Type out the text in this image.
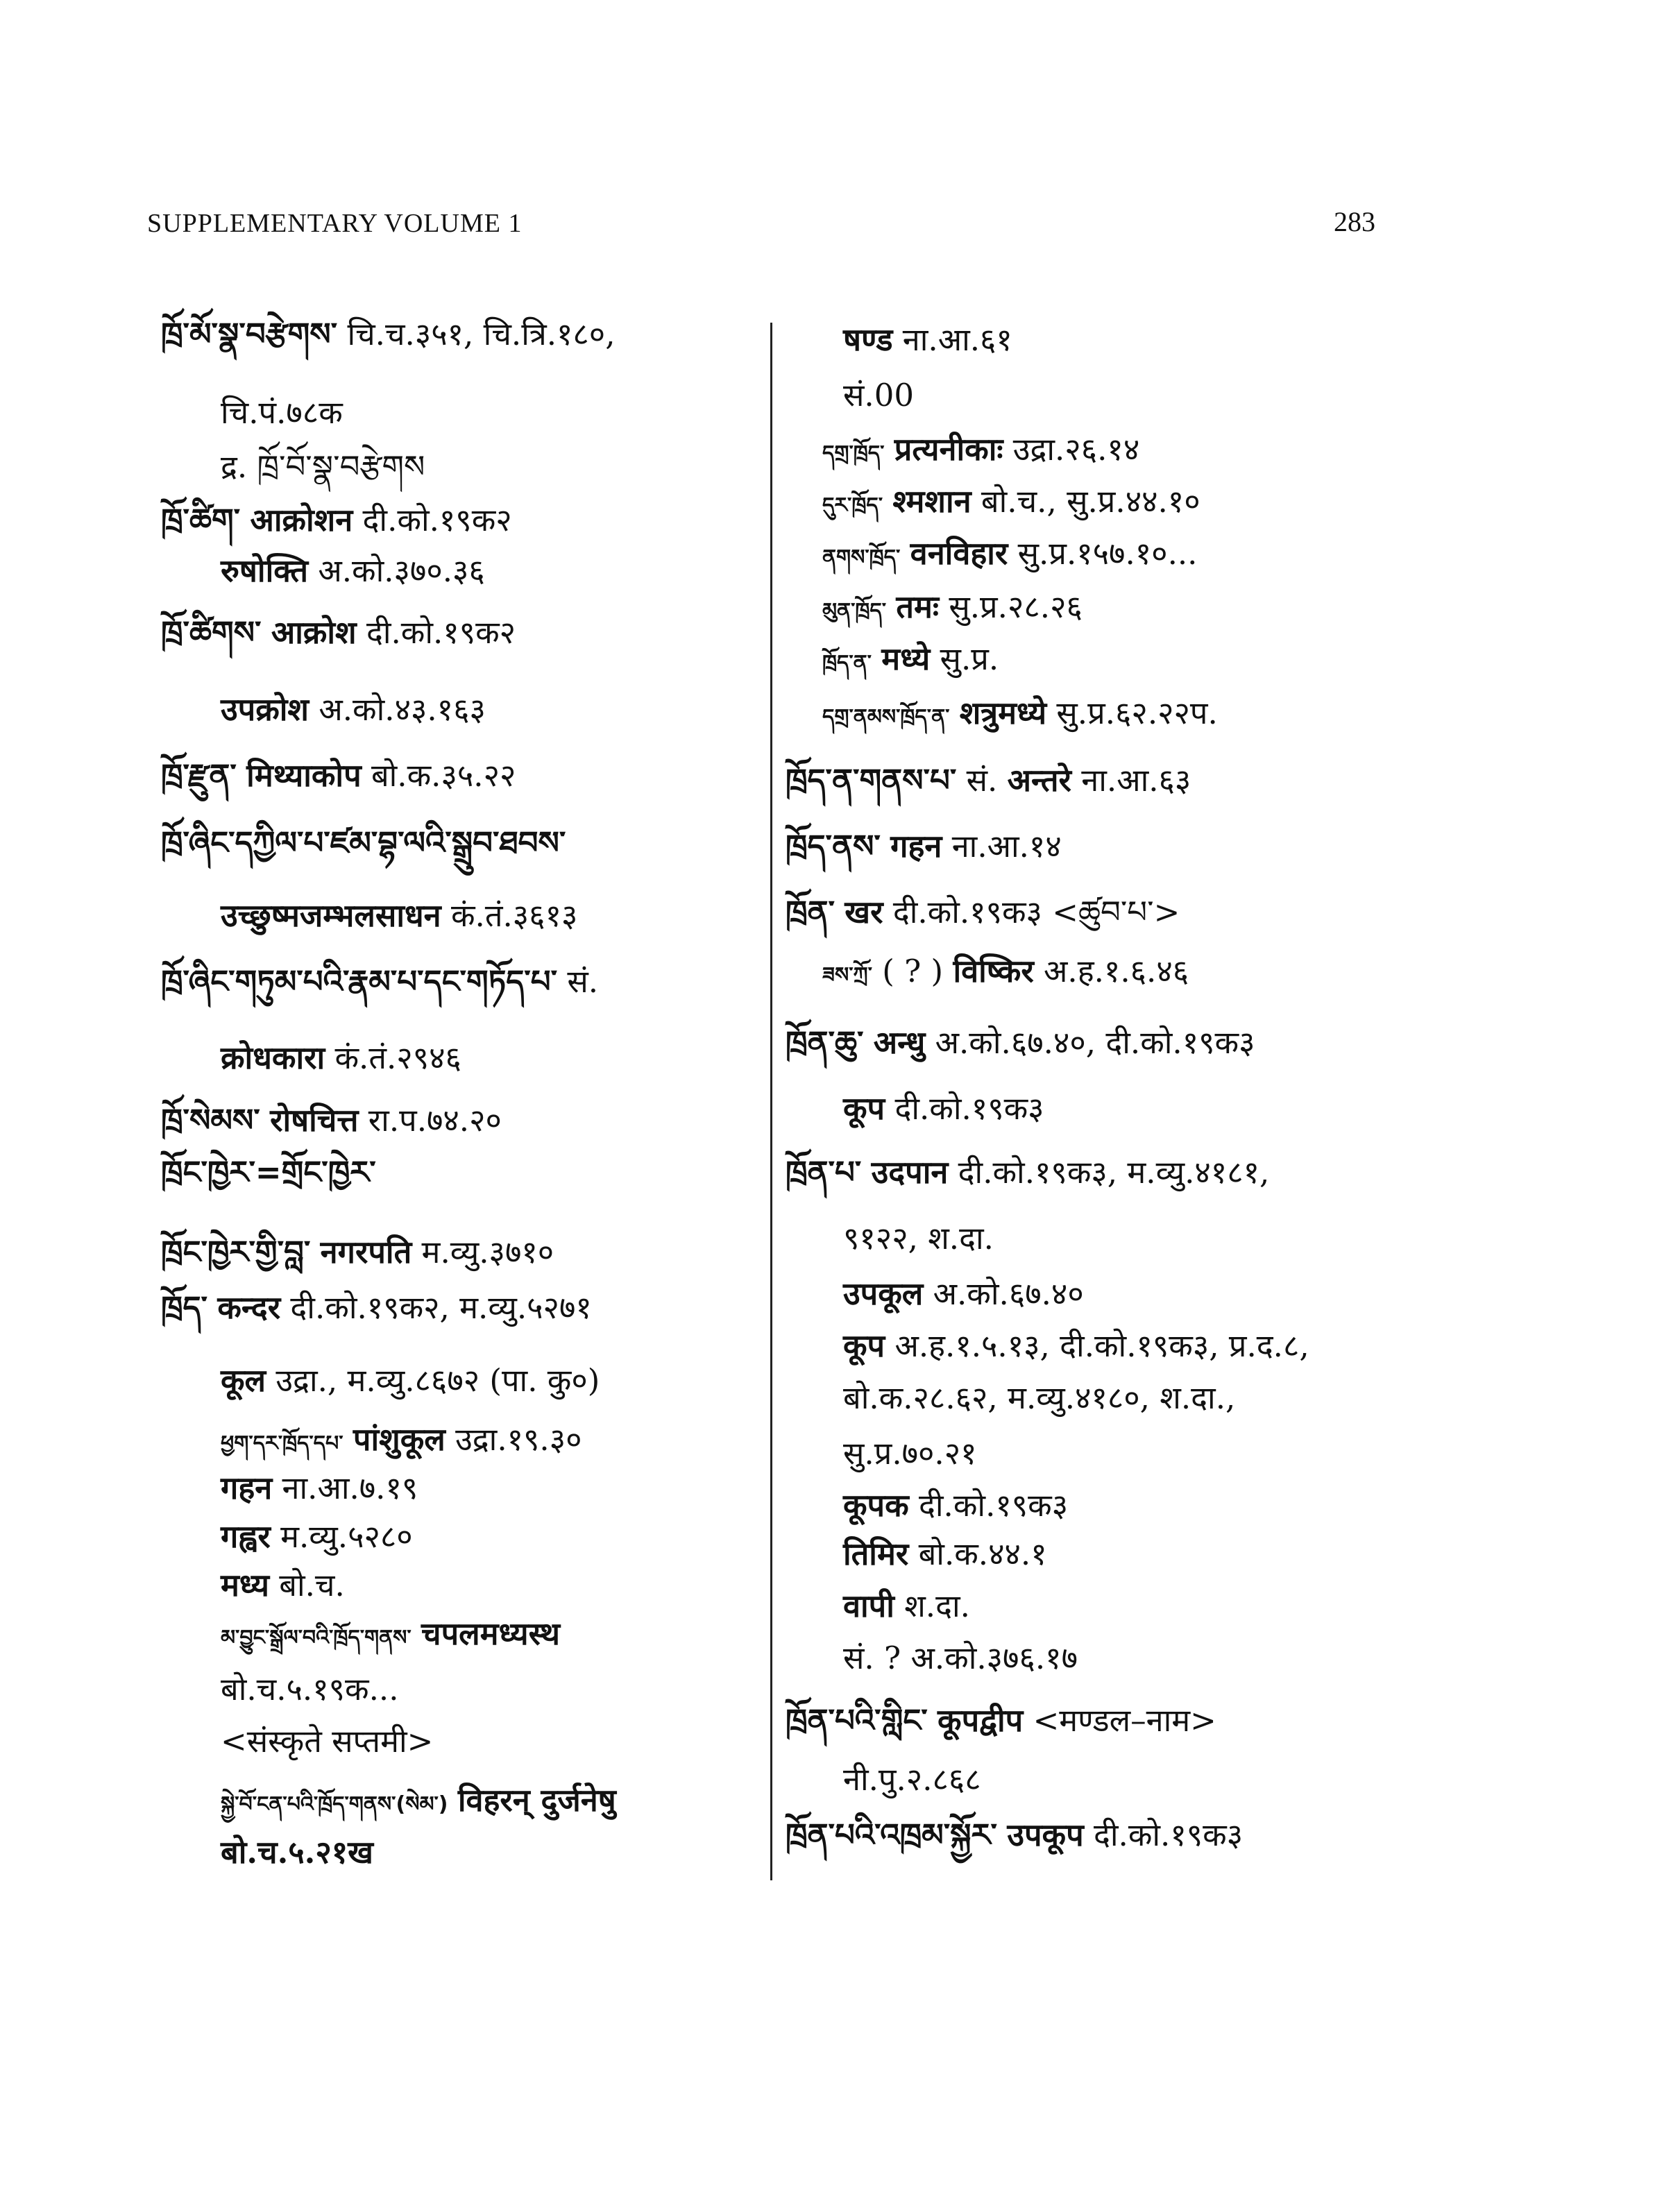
SUPPLEMENTARY VOLUME 1	283
ཁྲོ་མོ་སྣ་བརྩེགས་ चि.च.३५१, चि.त्रि.१८०,
चि.पं.७८क
द्र. ཁྲོ་བོ་སྣ་བརྩེགས
ཁྲོ་ཚིག་ आक्रोशन दी.को.१९क२
रुषोक्ति अ.को.३७०.३६
ཁྲོ་ཚིགས་ आक्रोश दी.को.१९क२
उपक्रोश अ.को.४३.१६३
ཁྲོ་རྫུན་ मिथ्याकोप बो.क.३५.२२
ཁྲོ་ཞིང་དཀྱིལ་པ་ཛམ་བྷ་ལའི་སྒྲུབ་ཐབས་
उच्छुष्मजम्भलसाधन कं.तं.३६१३
ཁྲོ་ཞིང་གཏུམ་པའི་རྣམ་པ་དང་གཏོད་པ་ सं.
क्रोधकारा कं.तं.२९४६
ཁྲོ་སེམས་ रोषचित्त रा.प.७४.२०
ཁྲོང་ཁྱེར་=གྲོང་ཁྱེར་
ཁྲོང་ཁྱེར་གྱི་བླ་ नगरपति म.व्यु.३७१०
ཁྲོད་ कन्दर दी.को.१९क२, म.व्यु.५२७१
कूल उद्रा., म.व्यु.८६७२ (पा. कु०)
ཕྱག་དར་ཁྲོད་དཔ་ पांशुकूल उद्रा.१९.३०
गहन ना.आ.७.१९
गह्वर म.व्यु.५२८०
मध्य बो.च.
མ་བྱུང་སྒྲོལ་བའི་ཁྲོད་གནས་ चपलमध्यस्थ
बो.च.५.१९क...
<संस्कृते सप्तमी>
སྐྱེ་བོ་ངན་པའི་ཁྲོད་གནས་(སེམ་) विहरन् दुर्जनेषु
बो.च.५.२१ख
षण्ड ना.आ.६१
सं.00
དགྲ་ཁྲོད་ प्रत्यनीकाः उद्रा.२६.१४
དུར་ཁྲོད་ श्मशान बो.च., सु.प्र.४४.१०
ནགས་ཁྲོད་ वनविहार सु.प्र.१५७.१०...
མུན་ཁྲོད་ तमः सु.प्र.२८.२६
ཁྲོད་ན་ मध्ये सु.प्र.
དགྲ་ནམས་ཁྲོད་ན་ शत्रुमध्ये सु.प्र.६२.२२प.
ཁྲོད་ན་གནས་པ་ सं. अन्तरे ना.आ.६३
ཁྲོད་ནས་ गहन ना.आ.१४
ཁྲོན་ खर दी.को.१९क३ <ཚུབ་པ་>
ཟས་ཀྲོ་ ( ? ) विष्किर अ.ह.१.६.४६
ཁྲོན་ཆུ་ अन्धु अ.को.६७.४०, दी.को.१९क३
कूप दी.को.१९क३
ཁྲོན་པ་ उदपान दी.को.१९क३, म.व्यु.४१८१,
९१२२, श.दा.
उपकूल अ.को.६७.४०
कूप अ.ह.१.५.१३, दी.को.१९क३, प्र.द.८,
बो.क.२८.६२, म.व्यु.४१८०, श.दा.,
सु.प्र.७०.२१
कूपक दी.को.१९क३
तिमिर बो.क.४४.१
वापी श.दा.
सं. ? अ.को.३७६.१७
ཁྲོན་པའི་གླིང་ कूपद्वीप <मण्डल–नाम>
नी.पु.२.८६८
ཁྲོན་པའི་འཁྲམ་སྐྱོར་ उपकूप दी.को.१९क३
